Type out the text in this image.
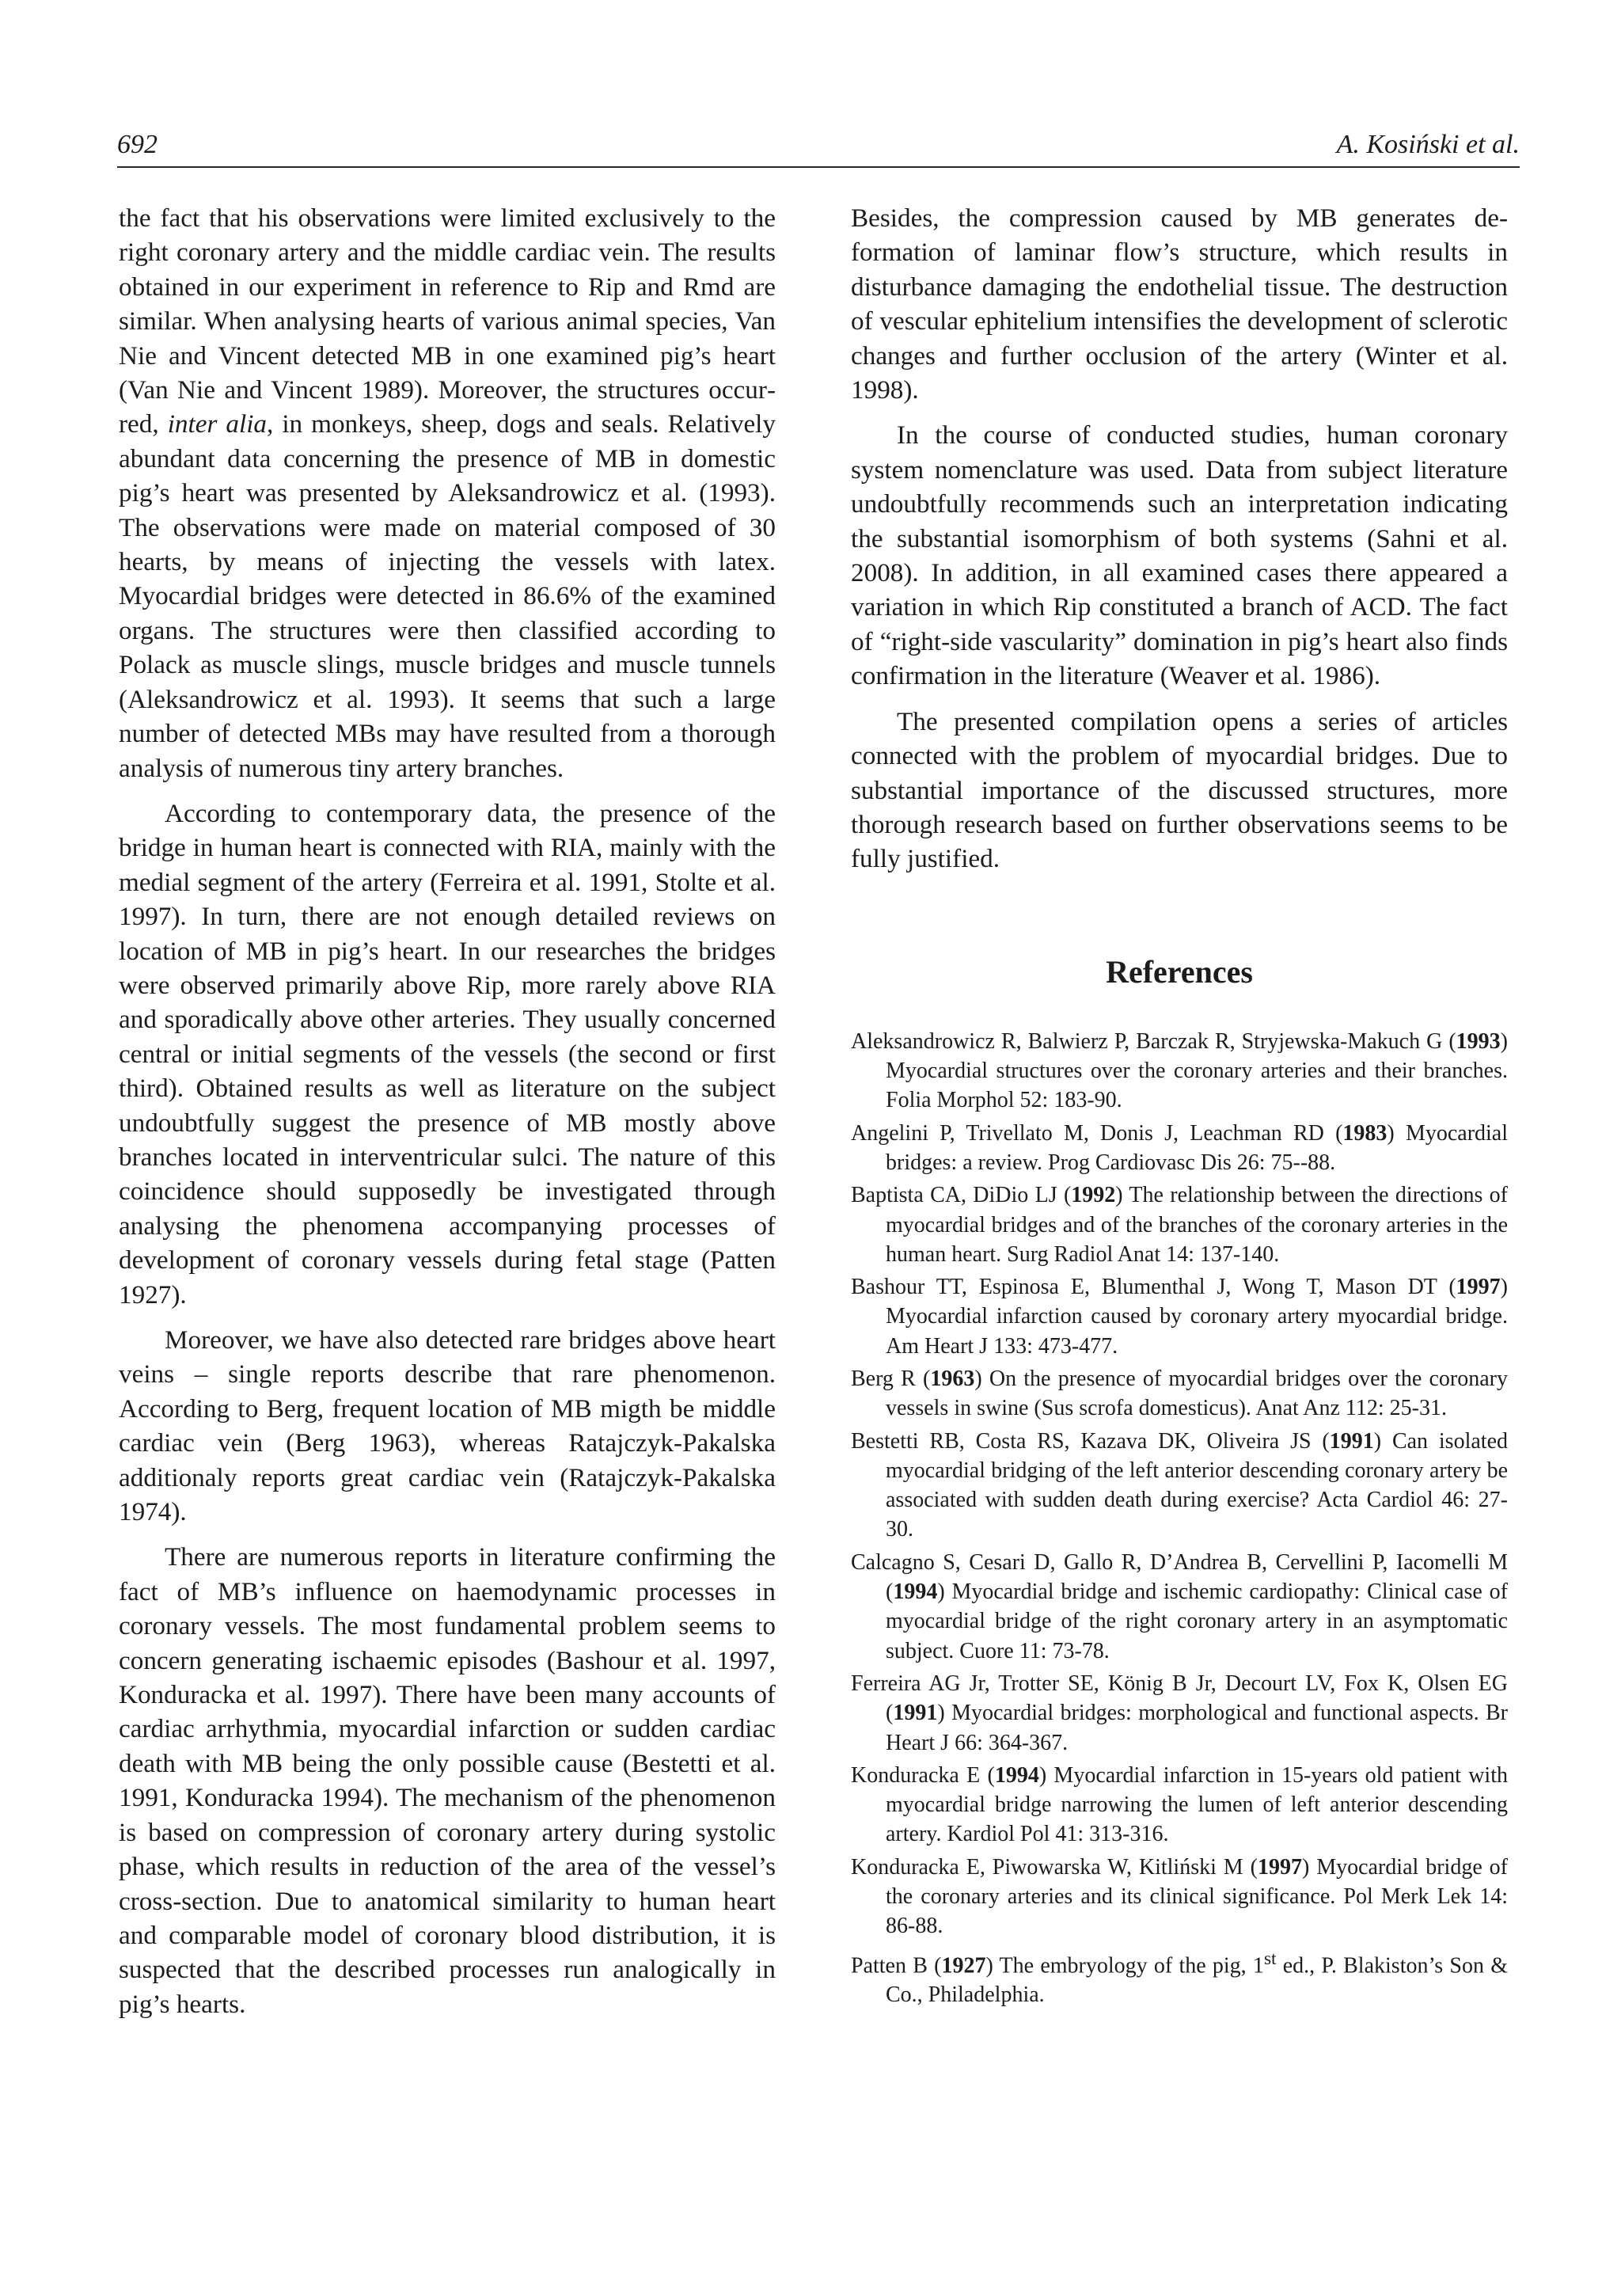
692	A. Kosiński et al.

the fact that his observations were limited exclusively to the right coronary artery and the middle cardiac vein. The results obtained in our experiment in reference to Rip and Rmd are similar. When analysing hearts of various animal species, Van Nie and Vincent detected MB in one examined pig’s heart (Van Nie and Vincent 1989). Moreover, the structures occurred, inter alia, in monkeys, sheep, dogs and seals. Relatively abundant data concerning the presence of MB in domestic pig’s heart was presented by Aleksandrowicz et al. (1993). The observations were made on material composed of 30 hearts, by means of injecting the vessels with latex. Myocardial bridges were detected in 86.6% of the examined organs. The structures were then classified according to Polack as muscle slings, muscle bridges and muscle tunnels (Aleksandrowicz et al. 1993). It seems that such a large number of detected MBs may have resulted from a thorough analysis of numerous tiny artery branches.

According to contemporary data, the presence of the bridge in human heart is connected with RIA, mainly with the medial segment of the artery (Ferreira et al. 1991, Stolte et al. 1997). In turn, there are not enough detailed reviews on location of MB in pig’s heart. In our researches the bridges were observed primarily above Rip, more rarely above RIA and sporadically above other arteries. They usually concerned central or initial segments of the vessels (the second or first third). Obtained results as well as literature on the subject undoubtfully suggest the presence of MB mostly above branches located in interventricular sulci. The nature of this coincidence should supposedly be investigated through analysing the phenomena accompanying processes of development of coronary vessels during fetal stage (Patten 1927).

Moreover, we have also detected rare bridges above heart veins – single reports describe that rare phenomenon. According to Berg, frequent location of MB migth be middle cardiac vein (Berg 1963), whereas Ratajczyk-Pakalska additionaly reports great cardiac vein (Ratajczyk-Pakalska 1974).

There are numerous reports in literature confirming the fact of MB’s influence on haemodynamic processes in coronary vessels. The most fundamental problem seems to concern generating ischaemic episodes (Bashour et al. 1997, Konduracka et al. 1997). There have been many accounts of cardiac arrhythmia, myocardial infarction or sudden cardiac death with MB being the only possible cause (Bestetti et al. 1991, Konduracka 1994). The mechanism of the phenomenon is based on compression of coronary artery during systolic phase, which results in reduction of the area of the vessel’s cross-section. Due to anatomical similarity to human heart and comparable model of coronary blood distribution, it is suspected that the described processes run analogically in pig’s hearts.

Besides, the compression caused by MB generates deformation of laminar flow’s structure, which results in disturbance damaging the endothelial tissue. The destruction of vescular ephitelium intensifies the development of sclerotic changes and further occlusion of the artery (Winter et al. 1998).

In the course of conducted studies, human coronary system nomenclature was used. Data from subject literature undoubtfully recommends such an interpretation indicating the substantial isomorphism of both systems (Sahni et al. 2008). In addition, in all examined cases there appeared a variation in which Rip constituted a branch of ACD. The fact of “right-side vascularity” domination in pig’s heart also finds confirmation in the literature (Weaver et al. 1986).

The presented compilation opens a series of articles connected with the problem of myocardial bridges. Due to substantial importance of the discussed structures, more thorough research based on further observations seems to be fully justified.

References
Aleksandrowicz R, Balwierz P, Barczak R, Stryjewska-Makuch G (1993) Myocardial structures over the coronary arteries and their branches. Folia Morphol 52: 183-90.
Angelini P, Trivellato M, Donis J, Leachman RD (1983) Myocardial bridges: a review. Prog Cardiovasc Dis 26: 75--88.
Baptista CA, DiDio LJ (1992) The relationship between the directions of myocardial bridges and of the branches of the coronary arteries in the human heart. Surg Radiol Anat 14: 137-140.
Bashour TT, Espinosa E, Blumenthal J, Wong T, Mason DT (1997) Myocardial infarction caused by coronary artery myocardial bridge. Am Heart J 133: 473-477.
Berg R (1963) On the presence of myocardial bridges over the coronary vessels in swine (Sus scrofa domesticus). Anat Anz 112: 25-31.
Bestetti RB, Costa RS, Kazava DK, Oliveira JS (1991) Can isolated myocardial bridging of the left anterior descending coronary artery be associated with sudden death during exercise? Acta Cardiol 46: 27-30.
Calcagno S, Cesari D, Gallo R, D’Andrea B, Cervellini P, Iacomelli M (1994) Myocardial bridge and ischemic cardiopathy: Clinical case of myocardial bridge of the right coronary artery in an asymptomatic subject. Cuore 11: 73-78.
Ferreira AG Jr, Trotter SE, König B Jr, Decourt LV, Fox K, Olsen EG (1991) Myocardial bridges: morphological and functional aspects. Br Heart J 66: 364-367.
Konduracka E (1994) Myocardial infarction in 15-years old patient with myocardial bridge narrowing the lumen of left anterior descending artery. Kardiol Pol 41: 313-316.
Konduracka E, Piwowarska W, Kitliński M (1997) Myocardial bridge of the coronary arteries and its clinical significance. Pol Merk Lek 14: 86-88.
Patten B (1927) The embryology of the pig, 1st ed., P. Blakiston’s Son & Co., Philadelphia.
